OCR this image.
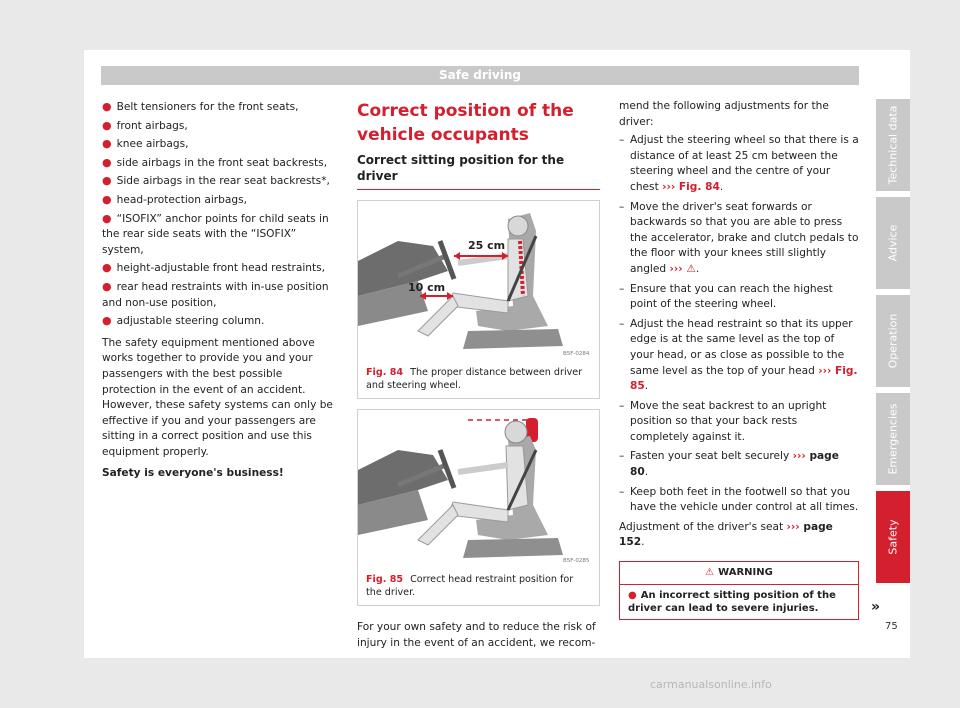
Safe driving
● Belt tensioners for the front seats,
● front airbags,
● knee airbags,
● side airbags in the front seat backrests,
● Side airbags in the rear seat backrests*,
● head-protection airbags,
● “ISOFIX” anchor points for child seats in the rear side seats with the “ISOFIX” system,
● height-adjustable front head restraints,
● rear head restraints with in-use position and non-use position,
● adjustable steering column.

The safety equipment mentioned above works together to provide you and your passengers with the best possible protection in the event of an accident. However, these safety systems can only be effective if you and your passengers are sitting in a correct position and use this equipment properly.

Safety is everyone's business!

Correct position of the vehicle occupants
Correct sitting position for the driver
25 cm
10 cm
B5F-0284
Fig. 84 The proper distance between driver and steering wheel.
B5F-0285
Fig. 85 Correct head restraint position for the driver.

For your own safety and to reduce the risk of injury in the event of an accident, we recom-

mend the following adjustments for the driver:

– Adjust the steering wheel so that there is a distance of at least 25 cm between the steering wheel and the centre of your chest ››› Fig. 84.
– Move the driver's seat forwards or backwards so that you are able to press the accelerator, brake and clutch pedals to the floor with your knees still slightly angled ››› ⚠.
– Ensure that you can reach the highest point of the steering wheel.
– Adjust the head restraint so that its upper edge is at the same level as the top of your head, or as close as possible to the same level as the top of your head ››› Fig. 85.
– Move the seat backrest to an upright position so that your back rests completely against it.
– Fasten your seat belt securely ››› page 80.
– Keep both feet in the footwell so that you have the vehicle under control at all times.

Adjustment of the driver's seat ››› page 152.

⚠ WARNING
● An incorrect sitting position of the driver can lead to severe injuries.	»
Technical data
Advice
Operation
Emergencies
Safety
75
carmanualsonline.info
